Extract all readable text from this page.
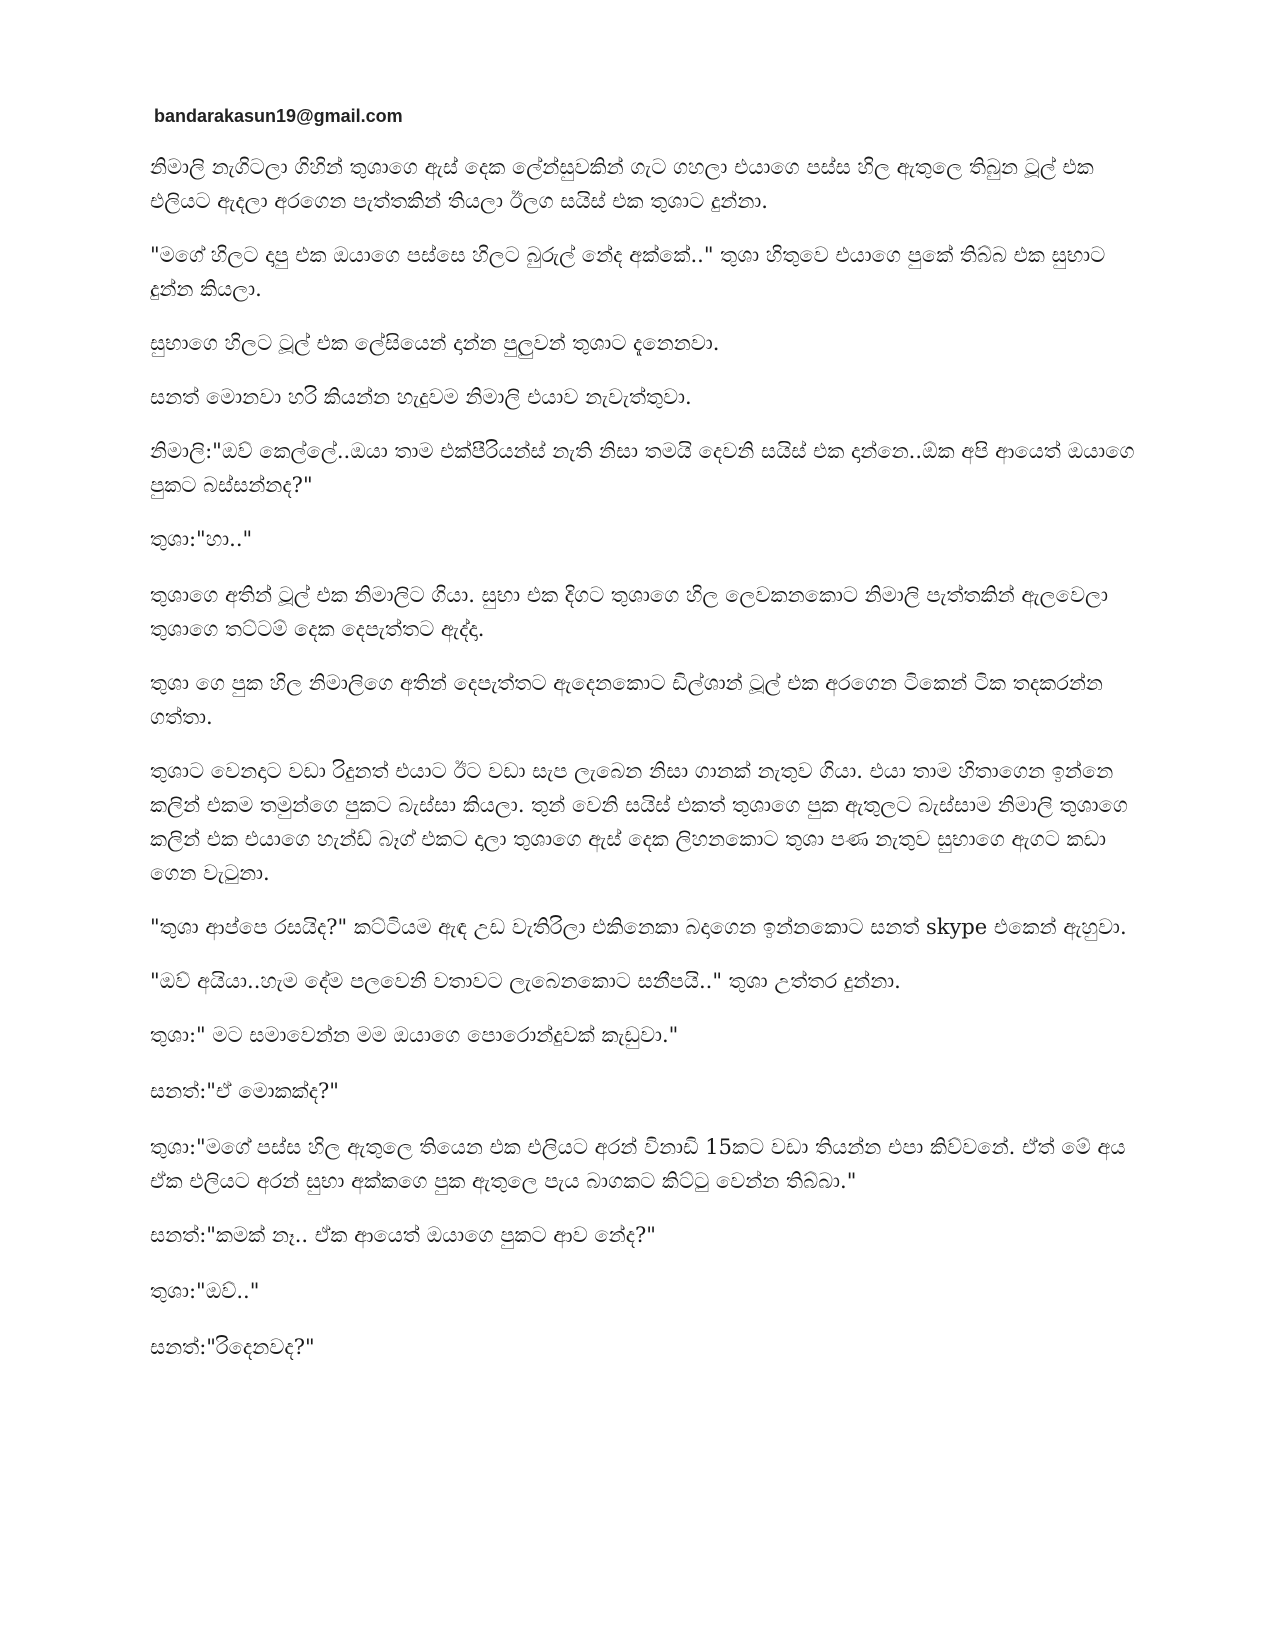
bandarakasun19@gmail.com

නිමාලි නැගිටලා ගිහින් තුශාගෙ ඇස් දෙක ලේන්සුවකින් ගැට ගහලා එයාගෙ පස්ස හිල ඇතුලෙ තිබුන ටූල් එක එලියට ඇදලා අරගෙන පැත්තකින් තියලා ඊලග සයිස් එක තුශාට දුන්නා.

"මගේ හිලට දාපු එක ඔයාගෙ පස්සෙ හිලට බුරුල් නේද අක්කේ.." තුශා හිතුවෙ එයාගෙ පුකේ තිබ්බ එක සුභාට දුන්න කියලා.

සුභාගෙ හිලට ටූල් එක ලේසියෙන් දාන්න පුලුවන් තුශාට දැනෙනවා.

සනත් මොනවා හරි කියන්න හැදුවම නිමාලි එයාව නැවැත්තුවා.

නිමාලි:"ඔව් කෙල්ලේ..ඔයා තාම එක්පීරියන්ස් නැති නිසා තමයි දෙවනි සයිස් එක දාන්නෙ..ඕක අපි ආයෙත් ඔයාගෙ පුකට බස්සන්නද?"

තුශා:"හා.."

තුශාගෙ අතින් ටූල් එක නිමාලිට ගියා. සුභා එක දිගට තුශාගෙ හිල ලෙවකනකොට නිමාලි පැත්තකින් ඇලවෙලා තුශාගෙ තට්ටම් දෙක දෙපැත්තට ඇද්දා.

තුශා ගෙ පුක හිල නිමාලිගෙ අතින් දෙපැත්තට ඇදෙනකොට ඩිල්ශාන් ටූල් එක අරගෙන ටිකෙන් ටික තදකරන්න ගත්තා.

තුශාට වෙනදාට වඩා රිදුනත් එයාට ඊට වඩා සැප ලැබෙන නිසා ගානක් නැතුව ගියා. එයා තාම හිතාගෙන ඉන්නෙ කලින් එකම තමුන්ගෙ පුකට බැස්සා කියලා. තුන් වෙනි සයිස් එකත් තුශාගෙ පුක ඇතුලට බැස්සාම නිමාලි තුශාගෙ කලින් එක එයාගෙ හැන්ඩ් බෑග් එකට දාලා තුශාගෙ ඇස් දෙක ලිහනකොට තුශා පණ නැතුව සුභාගෙ ඇගට කඩා ගෙන වැටුනා.

"තුශා ආප්පෙ රසයිද?" කට්ටියම ඇඳ උඩ වැතිරිලා එකිනෙකා බදාගෙන ඉන්නකොට සනත් skype එකෙන් ඇහුවා.

"ඔව් අයියා..හැම දේම පලවෙනි වතාවට ලැබෙනකොට සනීපයි.." තුශා උත්තර දුන්නා.

තුශා:" මට සමාවෙන්න මම ඔයාගෙ පොරොන්දුවක් කැඩුවා."

සනත්:"ඒ මොකක්ද?"

තුශා:"මගේ පස්ස හිල ඇතුලෙ තියෙන එක එලියට අරන් විනාඩි 15කට වඩා තියන්න එපා කිව්වනේ. ඒත් මේ අය ඒක එලියට අරන් සුභා අක්කගෙ පුක ඇතුලෙ පැය බාගකට කිට්ටු වෙන්න තිබ්බා."

සනත්:"කමක් නෑ.. ඒක ආයෙත් ඔයාගෙ පුකට ආව නේද?"

තුශා:"ඔව්.."

සනත්:"රිදෙනවද?"
